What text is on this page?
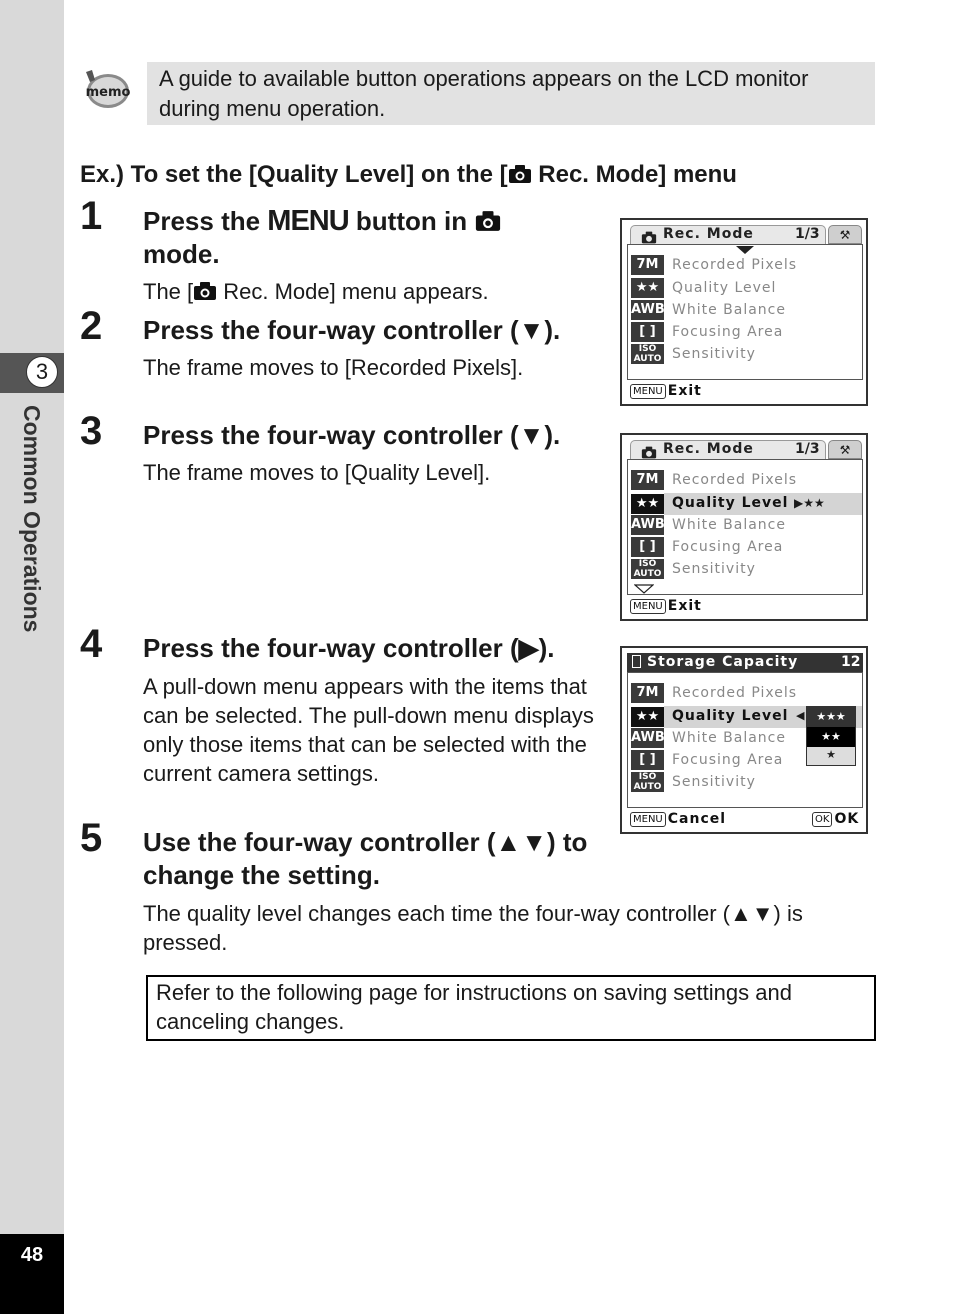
3
Common Operations
48
memo
A guide to available button operations appears on the LCD monitor during menu operation.
Ex.) To set the [Quality Level] on the [ Rec. Mode] menu
1 Press the MENU button in
mode.
The [ Rec. Mode] menu appears.
2 Press the four-way controller (▼).
The frame moves to [Recorded Pixels].
3 Press the four-way controller (▼).
The frame moves to [Quality Level].
4 Press the four-way controller (▶).
A pull-down menu appears with the items that can be selected. The pull-down menu displays only those items that can be selected with the current camera settings.
5 Use the four-way controller (▲▼) to change the setting.
The quality level changes each time the four-way controller (▲▼) is pressed.
Refer to the following page for instructions on saving settings and canceling changes.
Rec. Mode	1/3	⚒
7M Recorded Pixels
★★ Quality Level
AWB White Balance
[ ]	Focusing Area
ISO AUTO Sensitivity
MENU Exit
Rec. Mode	1/3	⚒
7M Recorded Pixels
★★ Quality Level ▶★★
AWB White Balance
[ ]	Focusing Area
ISO AUTO Sensitivity
MENU Exit
Storage Capacity	12
7M Recorded Pixels
★★ Quality Level ◀	★★★
★★
★
AWB White Balance
[ ]	Focusing Area
ISO AUTO Sensitivity
MENU Cancel	OK OK
